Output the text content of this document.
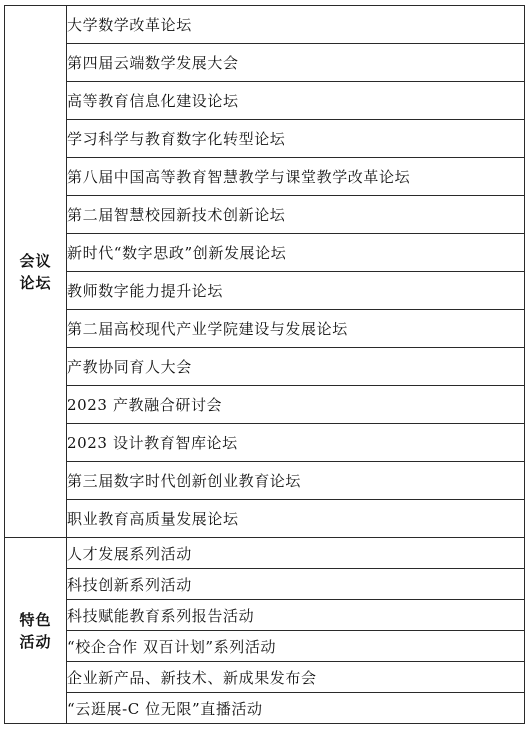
会议
论坛	大学数学改革论坛
	第四届云端数学发展大会
	高等教育信息化建设论坛
	学习科学与教育数字化转型论坛
	第八届中国高等教育智慧教学与课堂教学改革论坛
	第二届智慧校园新技术创新论坛
	新时代“数字思政”创新发展论坛
	教师数字能力提升论坛
	第二届高校现代产业学院建设与发展论坛
	产教协同育人大会
	2023 产教融合研讨会
	2023 设计教育智库论坛
	第三届数字时代创新创业教育论坛
	职业教育高质量发展论坛

特色
活动	人才发展系列活动
	科技创新系列活动
	科技赋能教育系列报告活动
	“校企合作 双百计划”系列活动
	企业新产品、新技术、新成果发布会
	“云逛展-C 位无限”直播活动
